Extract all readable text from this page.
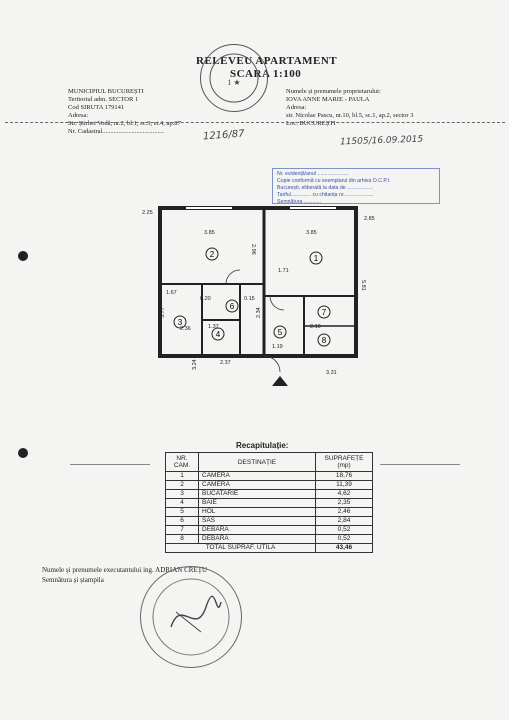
RELEVEU APARTAMENT
SCARA 1:100
1 ★
MUNICIPIUL BUCUREȘTI
Teritoriul adm. SECTOR 1
Cod SIRUTA 179141
Adresa:
Str. Știrbei Vodă, nr.2, bl.1, sc.3, et.4, ap.87
Nr. Cadastral......................................
Numele și prenumele proprietarului:
IOVA ANNE MARIE - PAULA
Adresa:
str. Nicolae Pascu, nr.10, bl.5, sc.1, ap.2, sector 3
Loc. BUCUREȘTI
1216/87	11505/16.09.2015
Nr. evidență/anul ......................
Copie conformă cu exemplarul din arhiva O.C.P.I.
București, eliberată la data de ..................
Tariful.............. cu chitanța nr.....................
Semnătura ............
2	1
3
4	5
6
7
8
2.25
2.85
3.85	3.85
2.96
5.81
1.71
1.67
2.36
3.77
1.37
2.34
3.24
3.31
2.37
1.19
2.10
0.20	0.15
Recapitulație:
NR. CAM.	DESTINAȚIE	SUPRAFEȚE (mp)
1	CAMERA	18,76
2	CAMERA	11,39
3	BUCATARIE	4,62
4	BAIE	2,35
5	HOL	2,46
6	SAS	2,84
7	DEBARA	0,52
8	DEBARA	0,52
TOTAL SUPRAF. UTILĂ		43,46
Numele și prenumele executantului ing. ADRIAN CREȚU
Semnătura și ștampila
